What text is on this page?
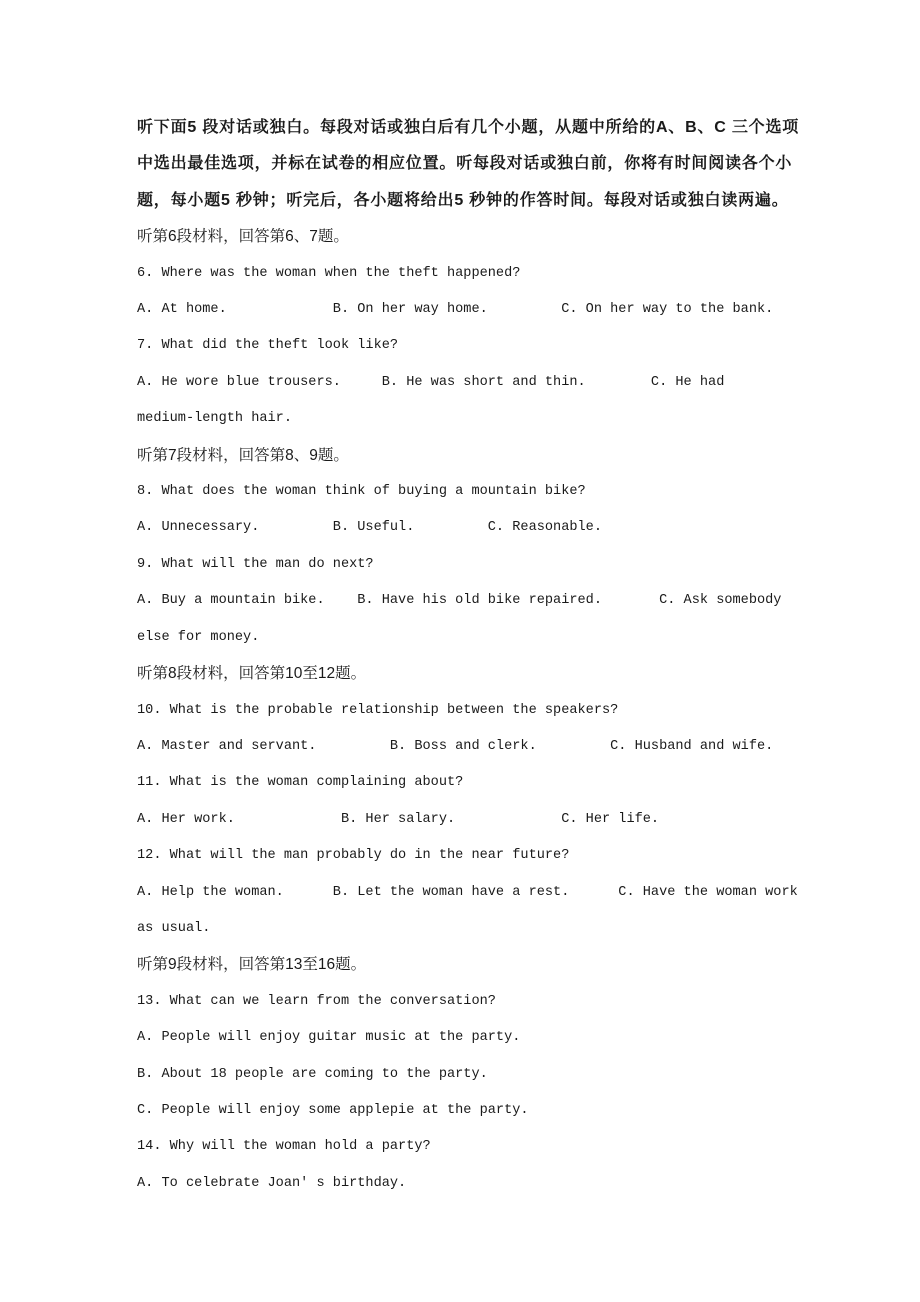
听下面5 段对话或独白。每段对话或独白后有几个小题，从题中所给的A、B、C 三个选项
中选出最佳选项，并标在试卷的相应位置。听每段对话或独白前，你将有时间阅读各个小
题，每小题5 秒钟；听完后，各小题将给出5 秒钟的作答时间。每段对话或独白读两遍。
听第6段材料，回答第6、7题。
6. Where was the woman when the theft happened?
A. At home.             B. On her way home.         C. On her way to the bank.
7. What did the theft look like?
A. He wore blue trousers.     B. He was short and thin.        C. He had
medium-length hair.
听第7段材料，回答第8、9题。
8. What does the woman think of buying a mountain bike?
A. Unnecessary.         B. Useful.         C. Reasonable.
9. What will the man do next?
A. Buy a mountain bike.    B. Have his old bike repaired.       C. Ask somebody
else for money.
听第8段材料，回答第10至12题。
10. What is the probable relationship between the speakers?
A. Master and servant.         B. Boss and clerk.         C. Husband and wife.
11. What is the woman complaining about?
A. Her work.             B. Her salary.             C. Her life.
12. What will the man probably do in the near future?
A. Help the woman.      B. Let the woman have a rest.      C. Have the woman work
as usual.
听第9段材料，回答第13至16题。
13. What can we learn from the conversation?
A. People will enjoy guitar music at the party.
B. About 18 people are coming to the party.
C. People will enjoy some applepie at the party.
14. Why will the woman hold a party?
A. To celebrate Joan' s birthday.
